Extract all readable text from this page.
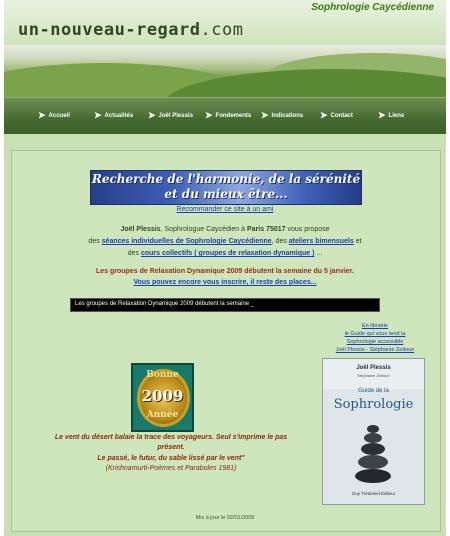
un-nouveau-regard.com
Sophrologie Caycédienne
➤ Accueil	➤ Actualités ➤ Joël Plessis ➤ Fondements ➤ Indications ➤ Contact	➤ Liens
Recherche de l'harmonie, de la sérénité
et du mieux être...
Recommander ce site à un ami
Joël Plessis, Sophrologue Caycédien à Paris 75017 vous propose
des séances individuelles de Sophrologie Caycédienne, des ateliers bimensuels et
des cours collectifs ( groupes de relaxation dynamique ) ...
Les groupes de Relaxation Dynamique 2009 débutent la semaine du 5 janvier.
Vous pouvez encore vous inscrire, il reste des places...
Les groupes de Relaxation Dynamique 2009 débutent la semaine _
En librairie
le Guide qui vous rend la
Sophrologie accessible
Joël Plessis - Stéphanie Zeitoun
Joël Plessis
Stéphanie Zeitoun
Guide de la
Sophrologie
Guy Trédaniel Éditeur
Bonne
2009
Année
Le vent du désert balaie la trace des voyageurs. Seul s'imprime le pas
présent.
Le passé, le futur, du sable lissé par le vent"
(Krishnamurti-Poèmes et Paraboles 1981)
Mis à jour le 02/01/2009
